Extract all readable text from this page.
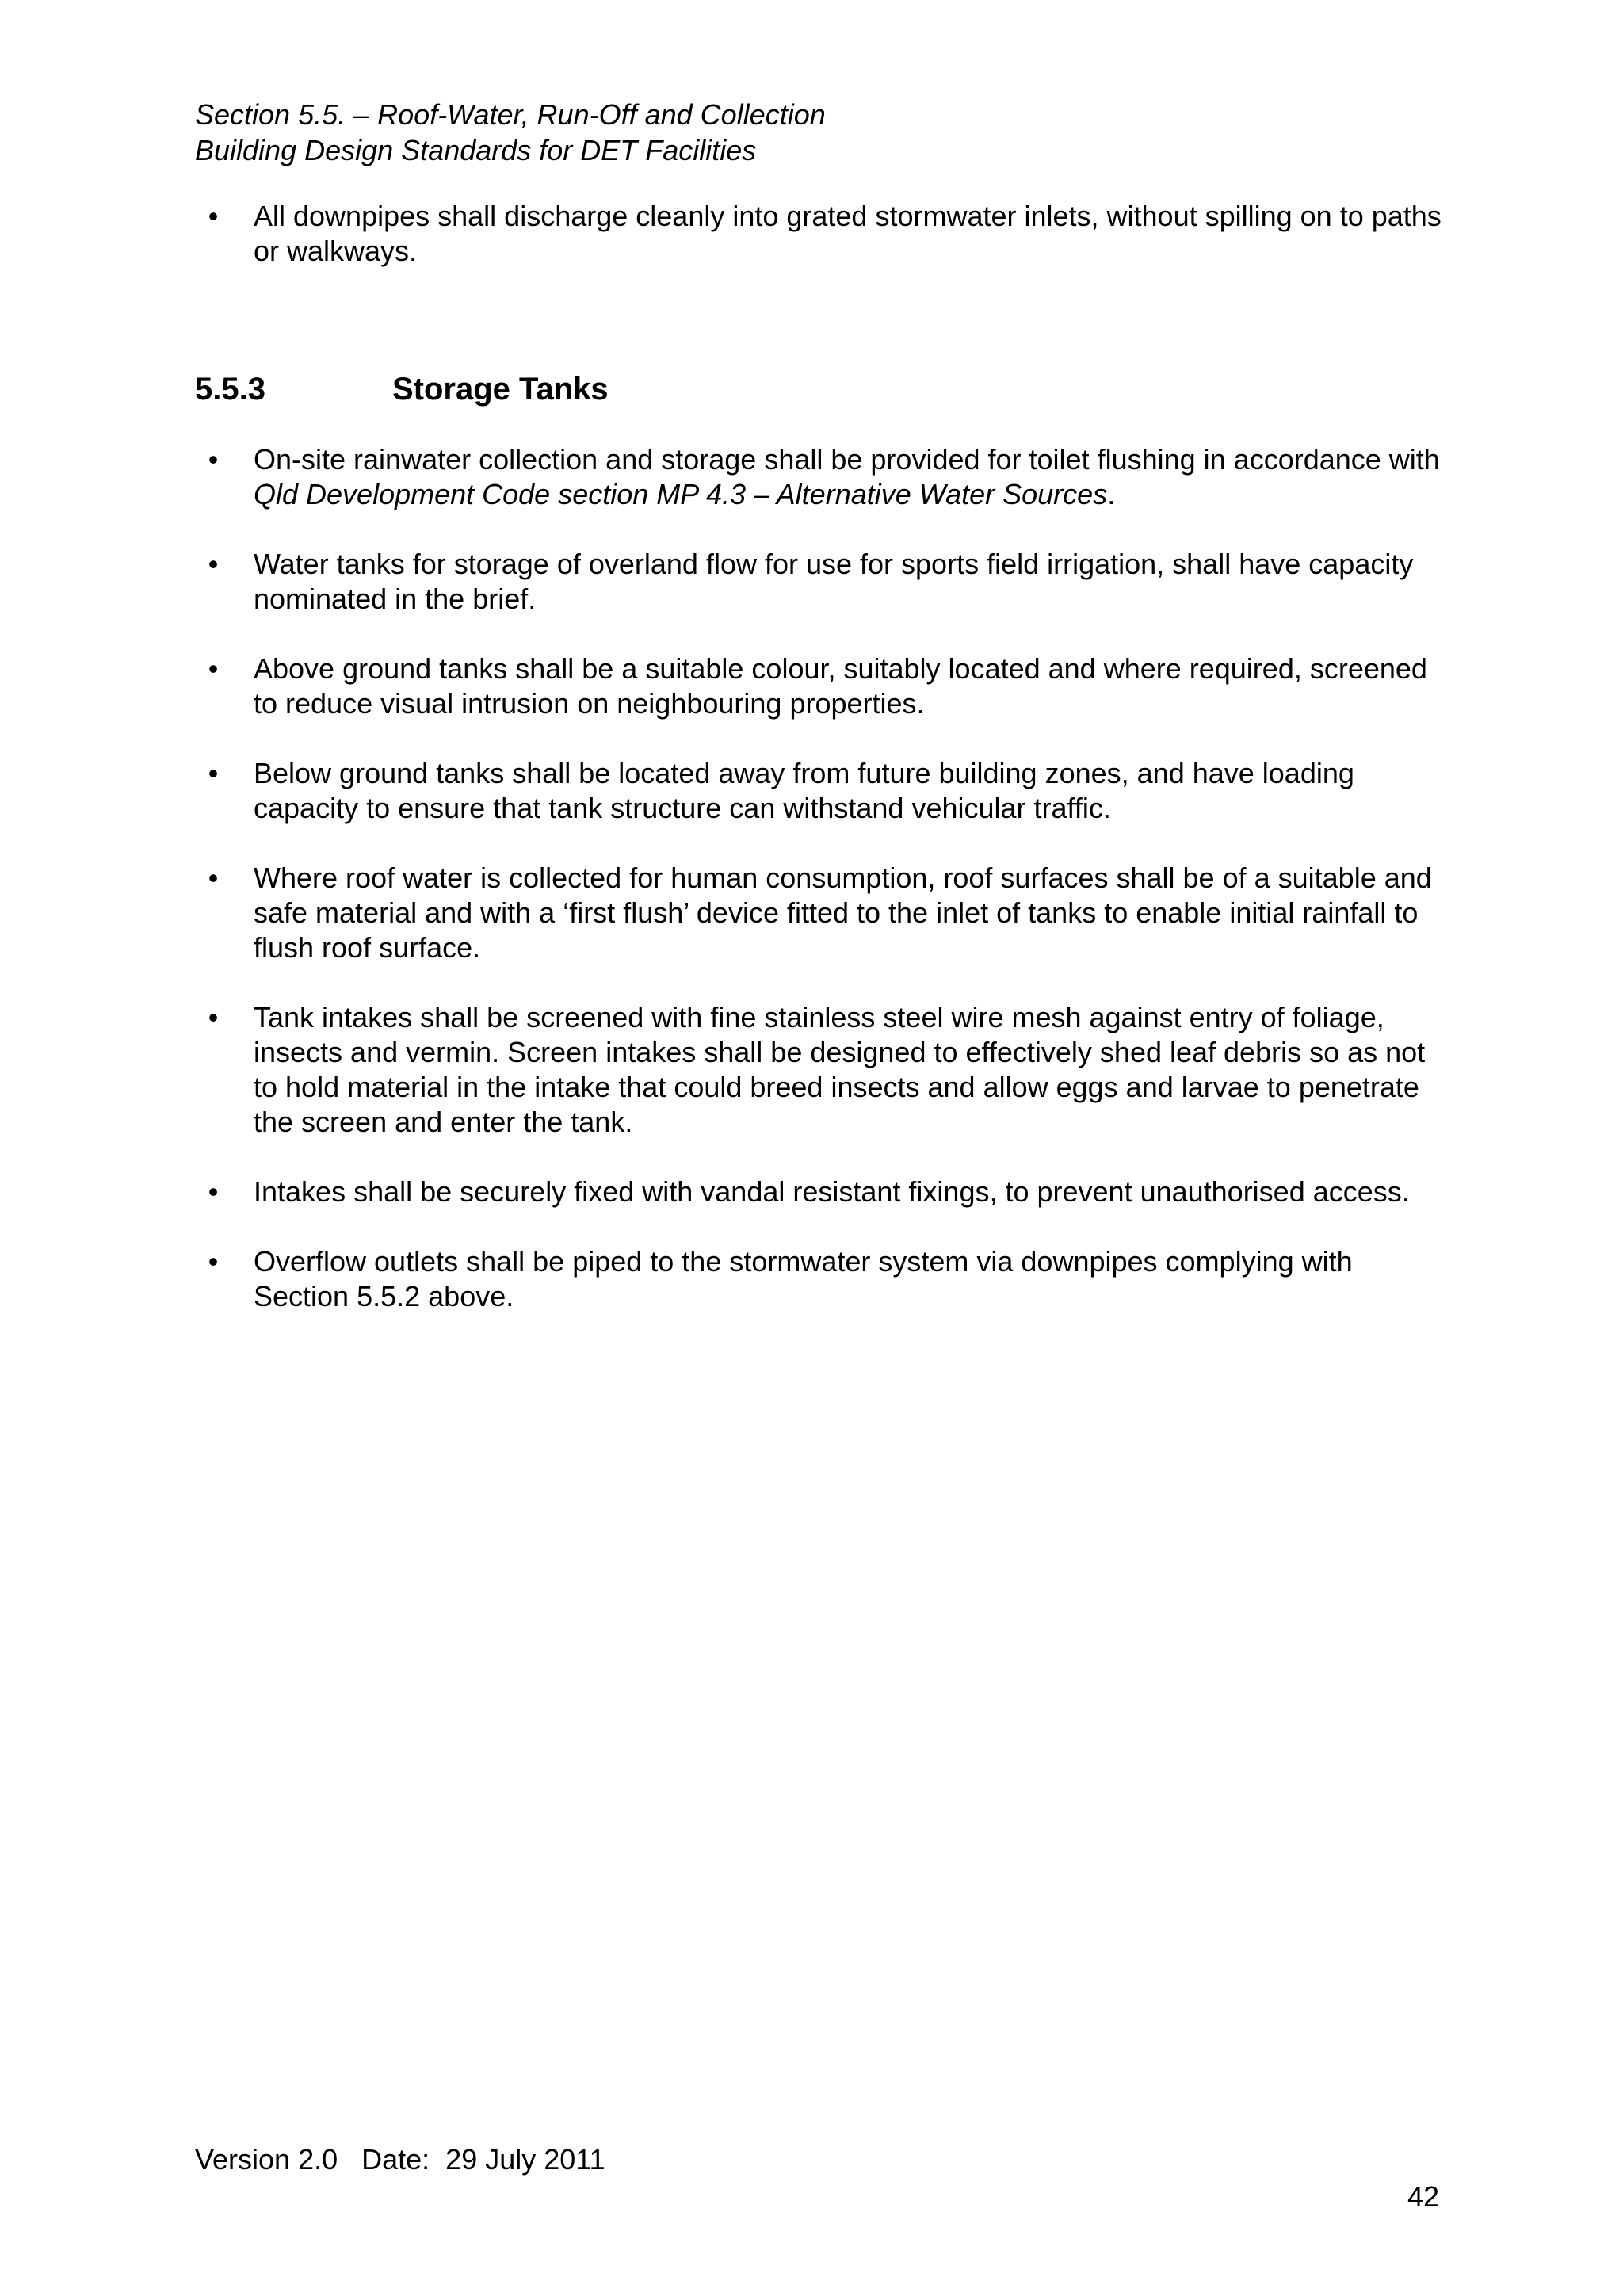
Section 5.5. – Roof-Water, Run-Off and Collection
Building Design Standards for DET Facilities
• All downpipes shall discharge cleanly into grated stormwater inlets, without spilling on to paths or walkways.
5.5.3	Storage Tanks
• On-site rainwater collection and storage shall be provided for toilet flushing in accordance with Qld Development Code section MP 4.3 – Alternative Water Sources.
• Water tanks for storage of overland flow for use for sports field irrigation, shall have capacity nominated in the brief.
• Above ground tanks shall be a suitable colour, suitably located and where required, screened to reduce visual intrusion on neighbouring properties.
• Below ground tanks shall be located away from future building zones, and have loading capacity to ensure that tank structure can withstand vehicular traffic.
• Where roof water is collected for human consumption, roof surfaces shall be of a suitable and safe material and with a ‘first flush’ device fitted to the inlet of tanks to enable initial rainfall to flush roof surface.
• Tank intakes shall be screened with fine stainless steel wire mesh against entry of foliage, insects and vermin. Screen intakes shall be designed to effectively shed leaf debris so as not to hold material in the intake that could breed insects and allow eggs and larvae to penetrate the screen and enter the tank.
• Intakes shall be securely fixed with vandal resistant fixings, to prevent unauthorised access.
• Overflow outlets shall be piped to the stormwater system via downpipes complying with Section 5.5.2 above.
Version 2.0   Date:  29 July 2011
42
